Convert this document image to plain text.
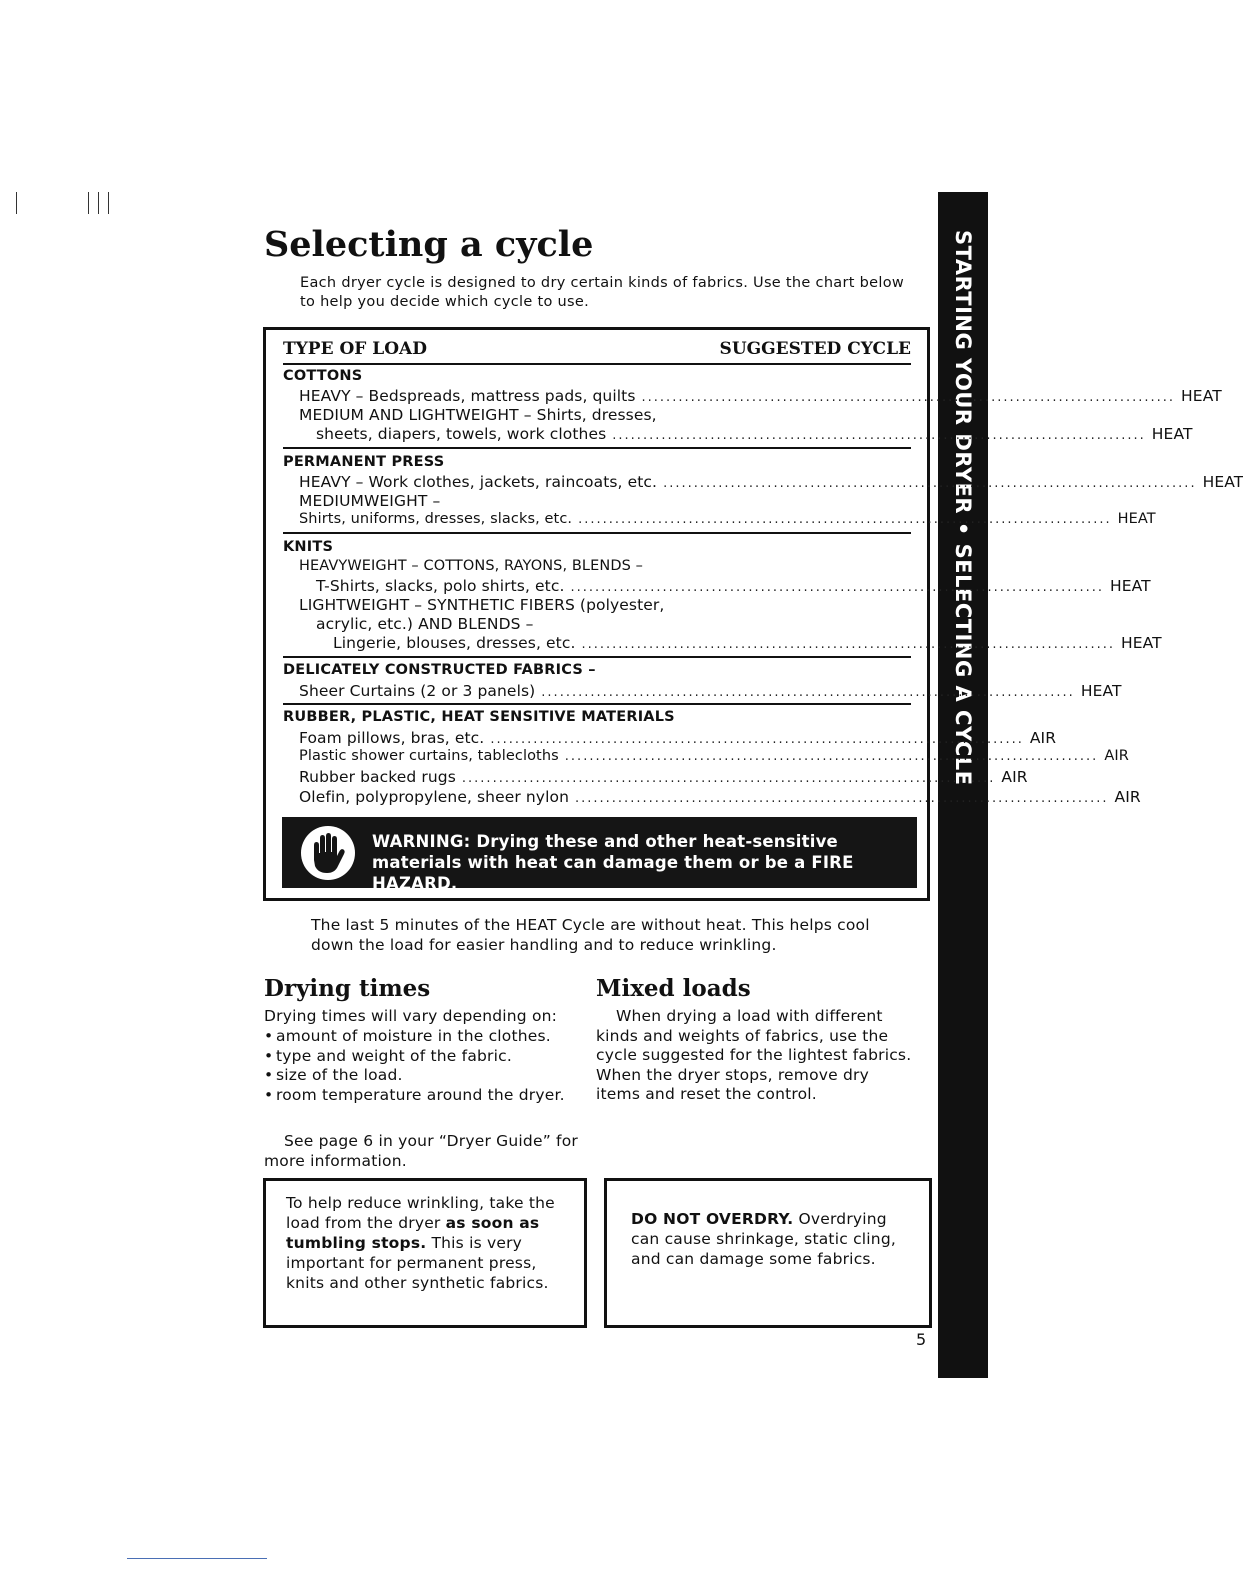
STARTING YOUR DRYER • SELECTING A CYCLE
Selecting a cycle

Each dryer cycle is designed to dry certain kinds of fabrics. Use the chart below to help you decide which cycle to use.

TYPE OF LOAD	SUGGESTED CYCLE
COTTONS
HEAVY – Bedspreads, mattress pads, quilts ....................................................................................... HEAT
MEDIUM AND LIGHTWEIGHT – Shirts, dresses,
sheets, diapers, towels, work clothes ....................................................................................... HEAT
PERMANENT PRESS
HEAVY – Work clothes, jackets, raincoats, etc. ....................................................................................... HEAT
MEDIUMWEIGHT –
Shirts, uniforms, dresses, slacks, etc. ....................................................................................... HEAT
KNITS
HEAVYWEIGHT – COTTONS, RAYONS, BLENDS –
T-Shirts, slacks, polo shirts, etc. ....................................................................................... HEAT
LIGHTWEIGHT – SYNTHETIC FIBERS (polyester,
acrylic, etc.) AND BLENDS –
Lingerie, blouses, dresses, etc. ....................................................................................... HEAT
DELICATELY CONSTRUCTED FABRICS –
Sheer Curtains (2 or 3 panels) ....................................................................................... HEAT
RUBBER, PLASTIC, HEAT SENSITIVE MATERIALS
Foam pillows, bras, etc. ....................................................................................... AIR
Plastic shower curtains, tablecloths ....................................................................................... AIR
Rubber backed rugs ....................................................................................... AIR
Olefin, polypropylene, sheer nylon ....................................................................................... AIR
WARNING: Drying these and other heat-sensitive
materials with heat can damage them or be a FIRE HAZARD.

The last 5 minutes of the HEAT Cycle are without heat. This helps cool down the load for easier handling and to reduce wrinkling.

Drying times

Drying times will vary depending on:

• amount of moisture in the clothes.
• type and weight of the fabric.
• size of the load.
• room temperature around the dryer.

See page 6 in your “Dryer Guide” for more information.

Mixed loads

When drying a load with different kinds and weights of fabrics, use the cycle suggested for the lightest fabrics. When the dryer stops, remove dry items and reset the control.

To help reduce wrinkling, take the load from the dryer as soon as tumbling stops. This is very important for permanent press, knits and other synthetic fabrics.
DO NOT OVERDRY. Overdrying can cause shrinkage, static cling, and can damage some fabrics.
5
